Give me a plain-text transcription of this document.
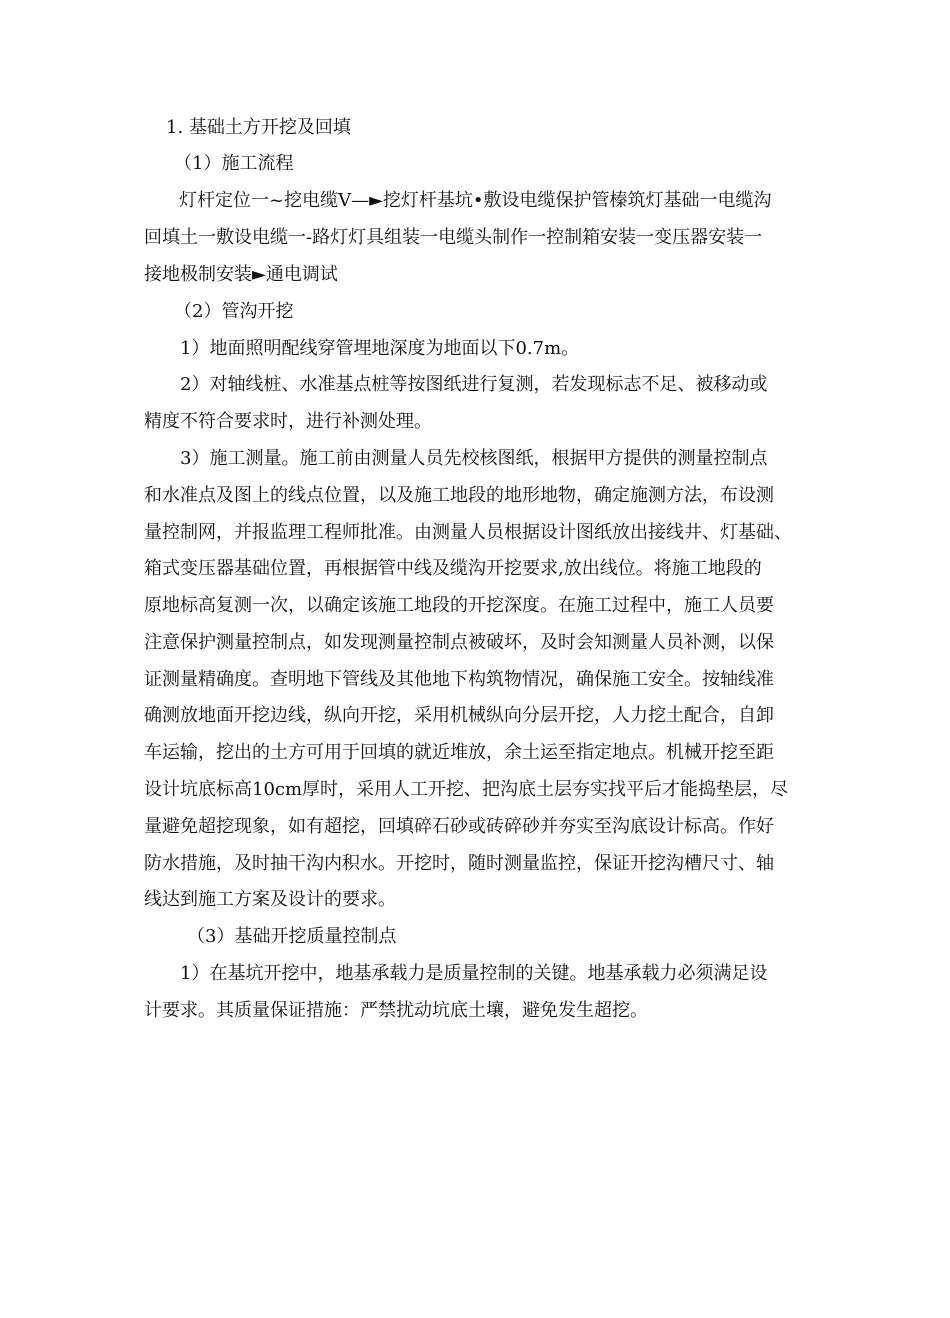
1. 基础土方开挖及回填
（1）施工流程
灯杆定位一~挖电缆Ⅴ—►挖灯杆基坑•敷设电缆保护管榛筑灯基础一电缆沟
回填土一敷设电缆一-路灯灯具组装一电缆头制作一控制箱安装一变压器安装一
接地极制安装►通电调试
（2）管沟开挖
1）地面照明配线穿管埋地深度为地面以下0.7m。
2）对轴线桩、水准基点桩等按图纸进行复测，若发现标志不足、被移动或
精度不符合要求时，进行补测处理。
3）施工测量。施工前由测量人员先校核图纸，根据甲方提供的测量控制点
和水准点及图上的线点位置，以及施工地段的地形地物，确定施测方法，布设测
量控制网，并报监理工程师批准。由测量人员根据设计图纸放出接线井、灯基础、
箱式变压器基础位置，再根据管中线及缆沟开挖要求,放出线位。将施工地段的
原地标高复测一次，以确定该施工地段的开挖深度。在施工过程中，施工人员要
注意保护测量控制点，如发现测量控制点被破坏，及时会知测量人员补测，以保
证测量精确度。查明地下管线及其他地下构筑物情况，确保施工安全。按轴线准
确测放地面开挖边线，纵向开挖，采用机械纵向分层开挖，人力挖土配合，自卸
车运输，挖出的土方可用于回填的就近堆放，余土运至指定地点。机械开挖至距
设计坑底标高10cm厚时，采用人工开挖、把沟底土层夯实找平后才能捣垫层，尽
量避免超挖现象，如有超挖，回填碎石砂或砖碎砂并夯实至沟底设计标高。作好
防水措施，及时抽干沟内积水。开挖时，随时测量监控，保证开挖沟槽尺寸、轴
线达到施工方案及设计的要求。
（3）基础开挖质量控制点
1）在基坑开挖中，地基承载力是质量控制的关键。地基承载力必须满足设
计要求。其质量保证措施：严禁扰动坑底土壤，避免发生超挖。
